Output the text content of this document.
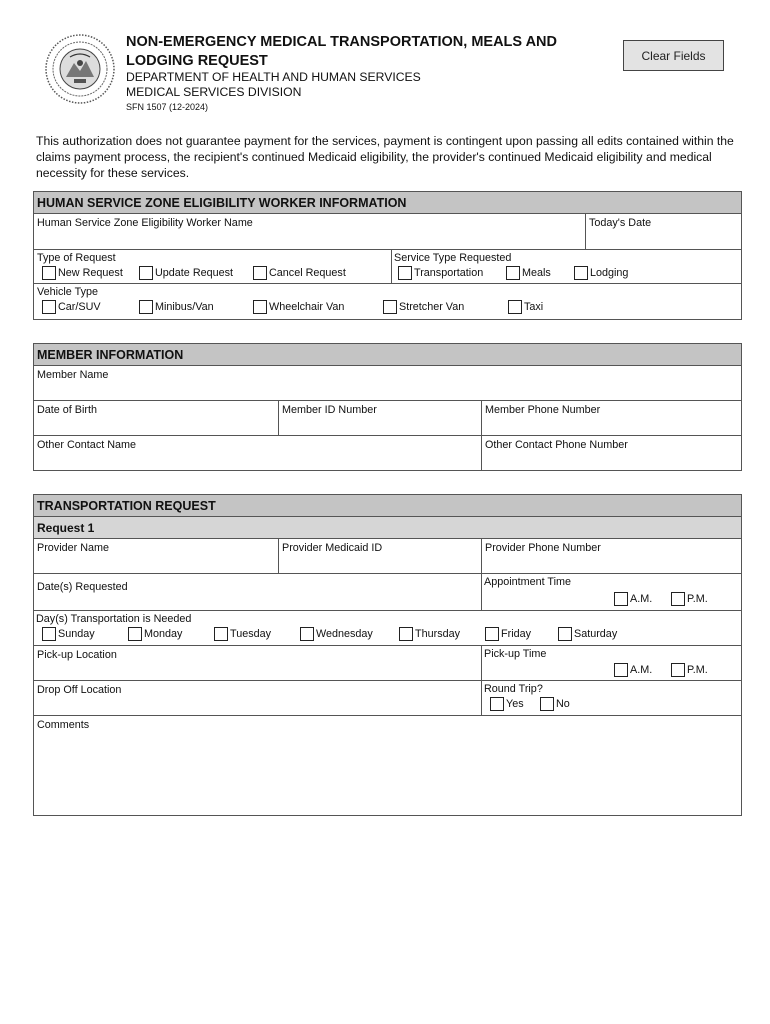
NON-EMERGENCY MEDICAL TRANSPORTATION, MEALS AND
LODGING REQUEST
DEPARTMENT OF HEALTH AND HUMAN SERVICES
MEDICAL SERVICES DIVISION
SFN 1507 (12-2024)
Clear Fields
This authorization does not guarantee payment for the services, payment is contingent upon passing all edits contained within the claims payment process, the recipient's continued Medicaid eligibility, the provider's continued Medicaid eligibility and medical necessity for these services.
HUMAN SERVICE ZONE ELIGIBILITY WORKER INFORMATION
Human Service Zone Eligibility Worker Name	Today's Date
Type of Request
New Request	Update Request	Cancel Request
Service Type Requested
Transportation	Meals	Lodging
Vehicle Type
Car/SUV	Minibus/Van	Wheelchair Van	Stretcher Van	Taxi
MEMBER INFORMATION
Member Name
Date of Birth	Member ID Number	Member Phone Number
Other Contact Name	Other Contact Phone Number
TRANSPORTATION REQUEST
Request 1
Provider Name	Provider Medicaid ID	Provider Phone Number
Date(s) Requested	Appointment Time
A.M.	P.M.
Day(s) Transportation is Needed
Sunday	Monday	Tuesday	Wednesday	Thursday	Friday	Saturday
Pick-up Location	Pick-up Time
A.M.	P.M.
Drop Off Location	Round Trip?
Yes	No
Comments
